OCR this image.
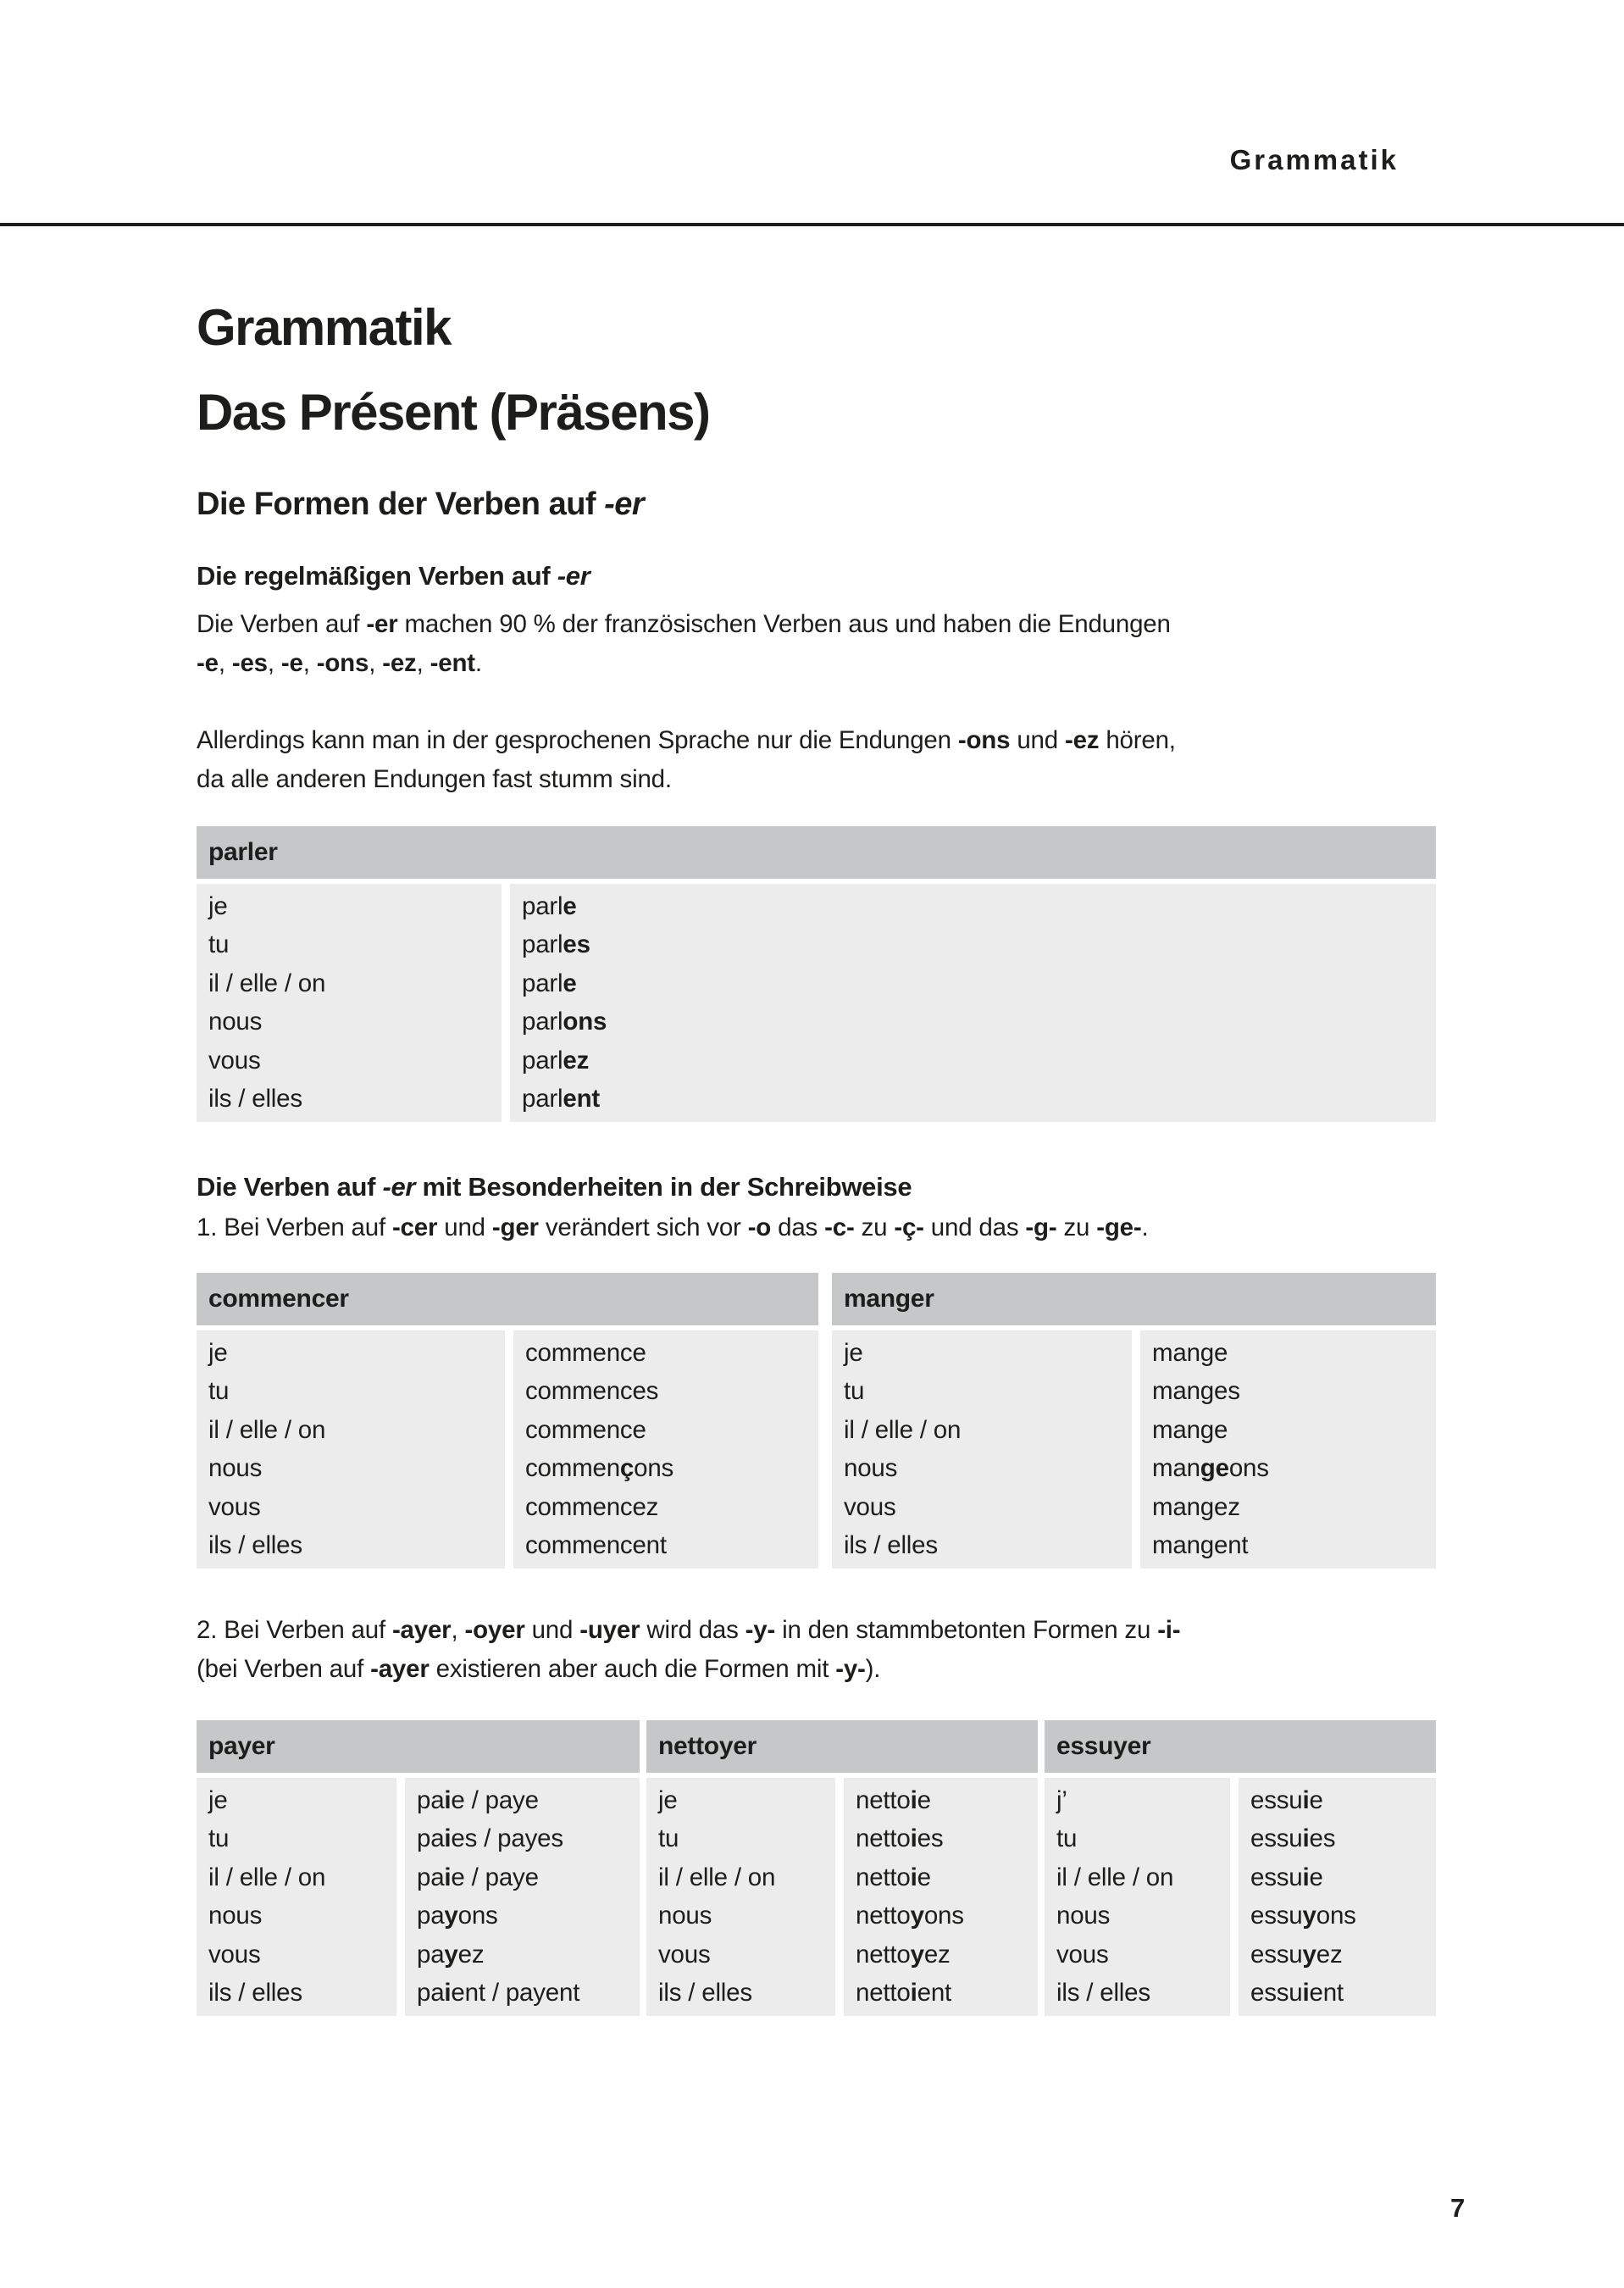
Grammatik
Grammatik
Das Présent (Präsens)
Die Formen der Verben auf -er
Die regelmäßigen Verben auf -er
Die Verben auf -er machen 90 % der französischen Verben aus und haben die Endungen
-e, -es, -e, -ons, -ez, -ent.
Allerdings kann man in der gesprochenen Sprache nur die Endungen -ons und -ez hören,
da alle anderen Endungen fast stumm sind.
parler
je
tu
il / elle / on
nous
vous
ils / elles
parl e
parl es
parl e
parl ons
parl ez
parl ent
Die Verben auf -er mit Besonderheiten in der Schreibweise
1. Bei Verben auf -cer und -ger verändert sich vor -o das -c- zu -ç- und das -g- zu -ge-.
commencer
je
tu
il / elle / on
nous
vous
ils / elles
commence
commences
commence
commen ç ons
commencez
commencent
manger
je
tu
il / elle / on
nous
vous
ils / elles
mange
manges
mange
man ge ons
mangez
mangent
2. Bei Verben auf -ayer, -oyer und -uyer wird das -y- in den stammbetonten Formen zu -i-
(bei Verben auf -ayer existieren aber auch die Formen mit -y-).
payer
je
tu
il / elle / on
nous
vous
ils / elles
pa i e / paye
pa i es / payes
pa i e / paye
pa y ons
pa y ez
pa i ent / payent
nettoyer
je
tu
il / elle / on
nous
vous
ils / elles
netto i e
netto i es
netto i e
netto y ons
netto y ez
netto i ent
essuyer
j’
tu
il / elle / on
nous
vous
ils / elles
essu i e
essu i es
essu i e
essu y ons
essu y ez
essu i ent
7
